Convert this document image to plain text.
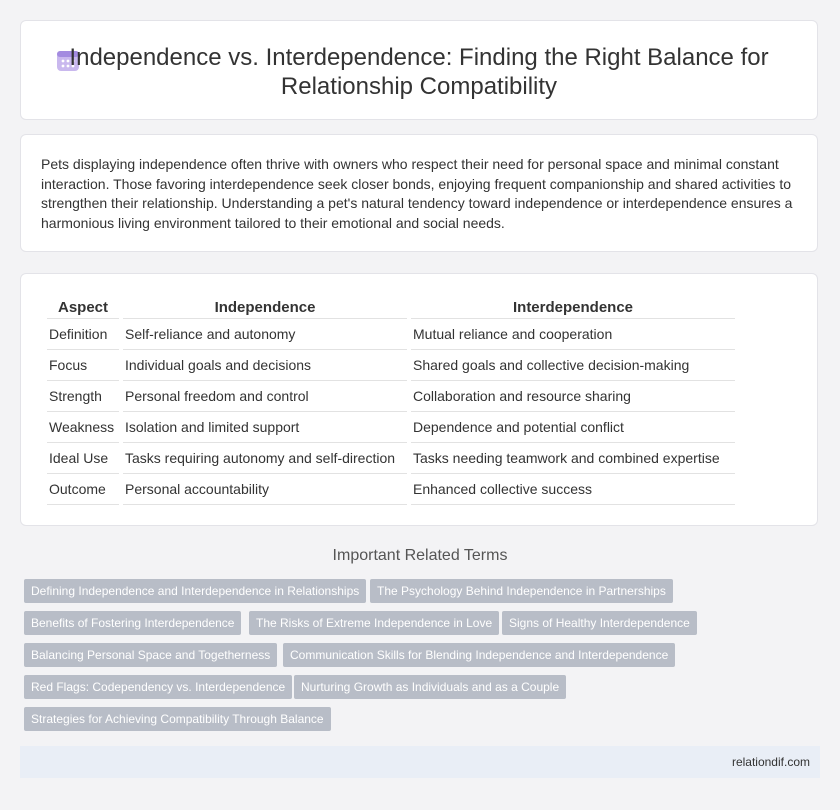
Independence vs. Interdependence: Finding the Right Balance for Relationship Compatibility

Pets displaying independence often thrive with owners who respect their need for personal space and minimal constant interaction. Those favoring interdependence seek closer bonds, enjoying frequent companionship and shared activities to strengthen their relationship. Understanding a pet's natural tendency toward independence or interdependence ensures a harmonious living environment tailored to their emotional and social needs.

Aspect	Independence	Interdependence
Definition	Self-reliance and autonomy	Mutual reliance and cooperation
Focus	Individual goals and decisions	Shared goals and collective decision-making
Strength	Personal freedom and control	Collaboration and resource sharing
Weakness	Isolation and limited support	Dependence and potential conflict
Ideal Use	Tasks requiring autonomy and self-direction	Tasks needing teamwork and combined expertise
Outcome	Personal accountability	Enhanced collective success
Important Related Terms
Defining Independence and Interdependence in Relationships	The Psychology Behind Independence in Partnerships
Benefits of Fostering Interdependence	The Risks of Extreme Independence in Love	Signs of Healthy Interdependence
Balancing Personal Space and Togetherness	Communication Skills for Blending Independence and Interdependence
Red Flags: Codependency vs. Interdependence	Nurturing Growth as Individuals and as a Couple
Strategies for Achieving Compatibility Through Balance
relationdif.com
